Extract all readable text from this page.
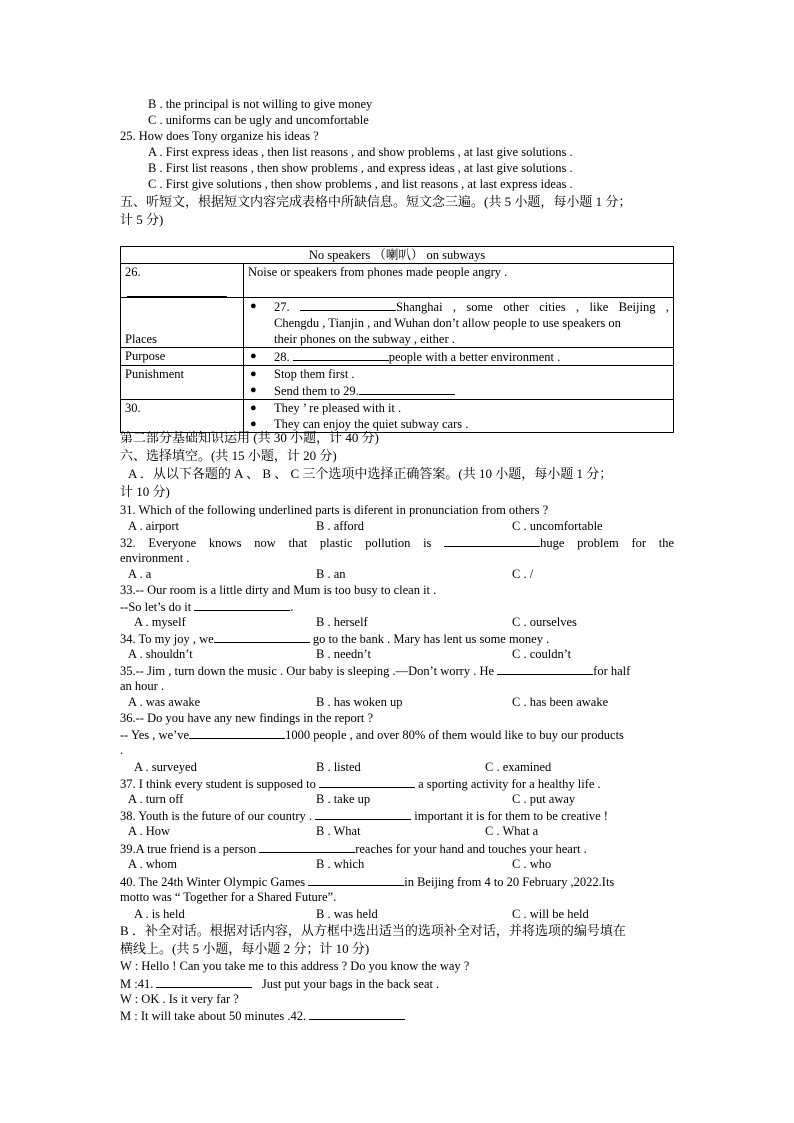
B . the principal is not willing to give money
C . uniforms can be ugly and uncomfortable
25. How does Tony organize his ideas ?
A . First express ideas , then list reasons , and show problems , at last give solutions .
B . First list reasons , then show problems , and express ideas , at last give solutions .
C . First give solutions , then show problems , and list reasons , at last express ideas .
五、听短文，根据短文内容完成表格中所缺信息。短文念三遍。(共 5 小题，每小题 1 分；
计 5 分)
No speakers （喇叭） on subways	
26.	Noise or speakers from phones made people angry .
Places	● 27. Shanghai , some other cities , like Beijing ,
Chengdu , Tianjin , and Wuhan don’t allow people to use speakers on
their phones on the subway , either .

Purpose	● 28. people with a better environment .

Punishment	● Stop them first .
● Send them to 29.

30.	● They ’ re pleased with it .
● They can enjoy the quiet subway cars .
第二部分基础知识运用 (共 30 小题，计 40 分)
六、选择填空。(共 15 小题，计 20 分)
A ．从以下各题的 A 、 B 、 C 三个选项中选择正确答案。(共 10 小题，每小题 1 分；
计 10 分)
31. Which of the following underlined parts is diferent in pronunciation from others ?
A . airport	B . afford	C . uncomfortable
32. Everyone knows now that plastic pollution is	huge problem for the
environment .
A . a	B . an	C . /
33.-- Our room is a little dirty and Mum is too busy to clean it .
--So let’s do it	.
A . myself	B . herself	C . ourselves
34. To my joy , we	go to the bank . Mary has lent us some money .
A . shouldn’t	B . needn’t	C . couldn’t
35.-- Jim , turn down the music . Our baby is sleeping .—Don’t worry . He	for half
an hour .
A . was awake	B . has woken up	C . has been awake
36.-- Do you have any new findings in the report ?
-- Yes , we’ve	1000 people , and over 80% of them would like to buy our products
.
A . surveyed	B . listed	C . examined
37. I think every student is supposed to	a sporting activity for a healthy life .
A . turn off	B . take up	C . put away
38. Youth is the future of our country .	important it is for them to be creative !
A . How	B . What	C . What a
39.A true friend is a person	reaches for your hand and touches your heart .
A . whom	B . which	C . who
40. The 24th Winter Olympic Games	in Beijing from 4 to 20 February ,2022.Its
motto was “ Together for a Shared Future”.
A . is held	B . was held	C . will be held
B ．补全对话。根据对话内容，从方框中选出适当的选项补全对话，并将选项的编号填在
横线上。(共 5 小题，每小题 2 分；计 10 分)
W : Hello ! Can you take me to this address ? Do you know the way ?
M :41.	Just put your bags in the back seat .
W : OK . Is it very far ?
M : It will take about 50 minutes .42.
